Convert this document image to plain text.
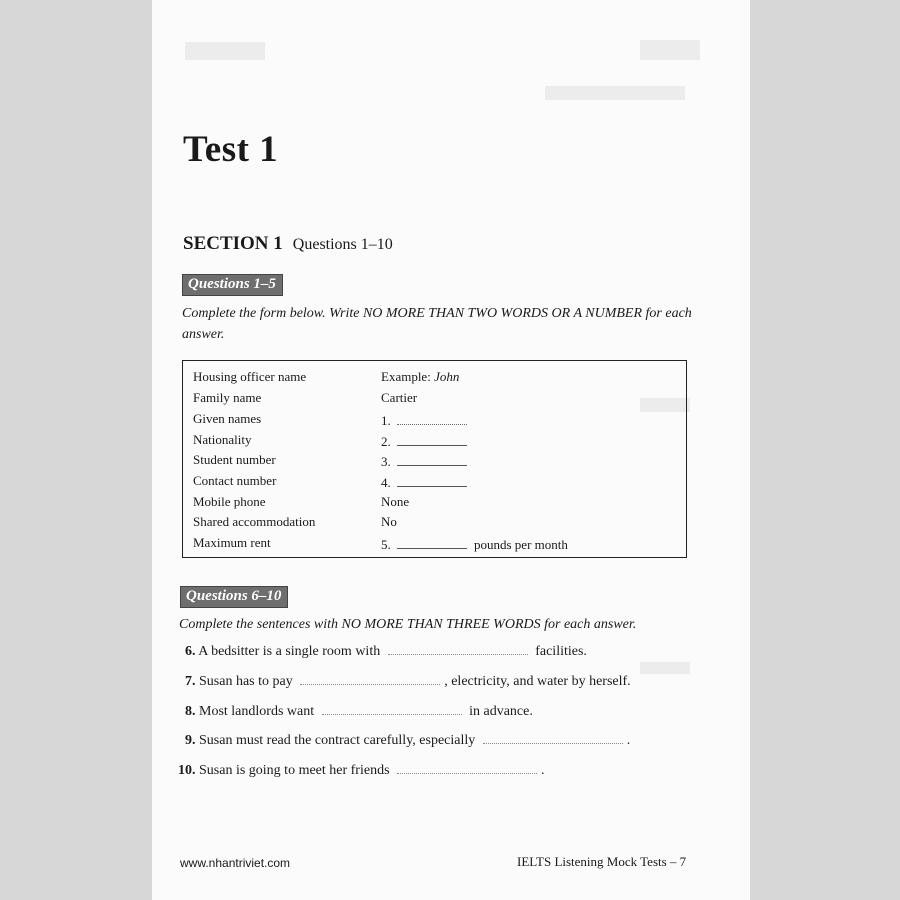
Test 1
SECTION 1 Questions 1–10
Questions 1–5
Complete the form below. Write NO MORE THAN TWO WORDS OR A NUMBER for each answer.
Housing officer name	Example: John
Family name	Cartier
Given names	1.
Nationality	2.
Student number	3.
Contact number	4.
Mobile phone	None
Shared accommodation	No
Maximum rent	5.	pounds per month
Questions 6–10
Complete the sentences with NO MORE THAN THREE WORDS for each answer.
6. A bedsitter is a single room with	facilities.
7. Susan has to pay	, electricity, and water by herself.
8. Most landlords want	in advance.
9. Susan must read the contract carefully, especially	.
10. Susan is going to meet her friends	.
www.nhantriviet.com	IELTS Listening Mock Tests – 7
